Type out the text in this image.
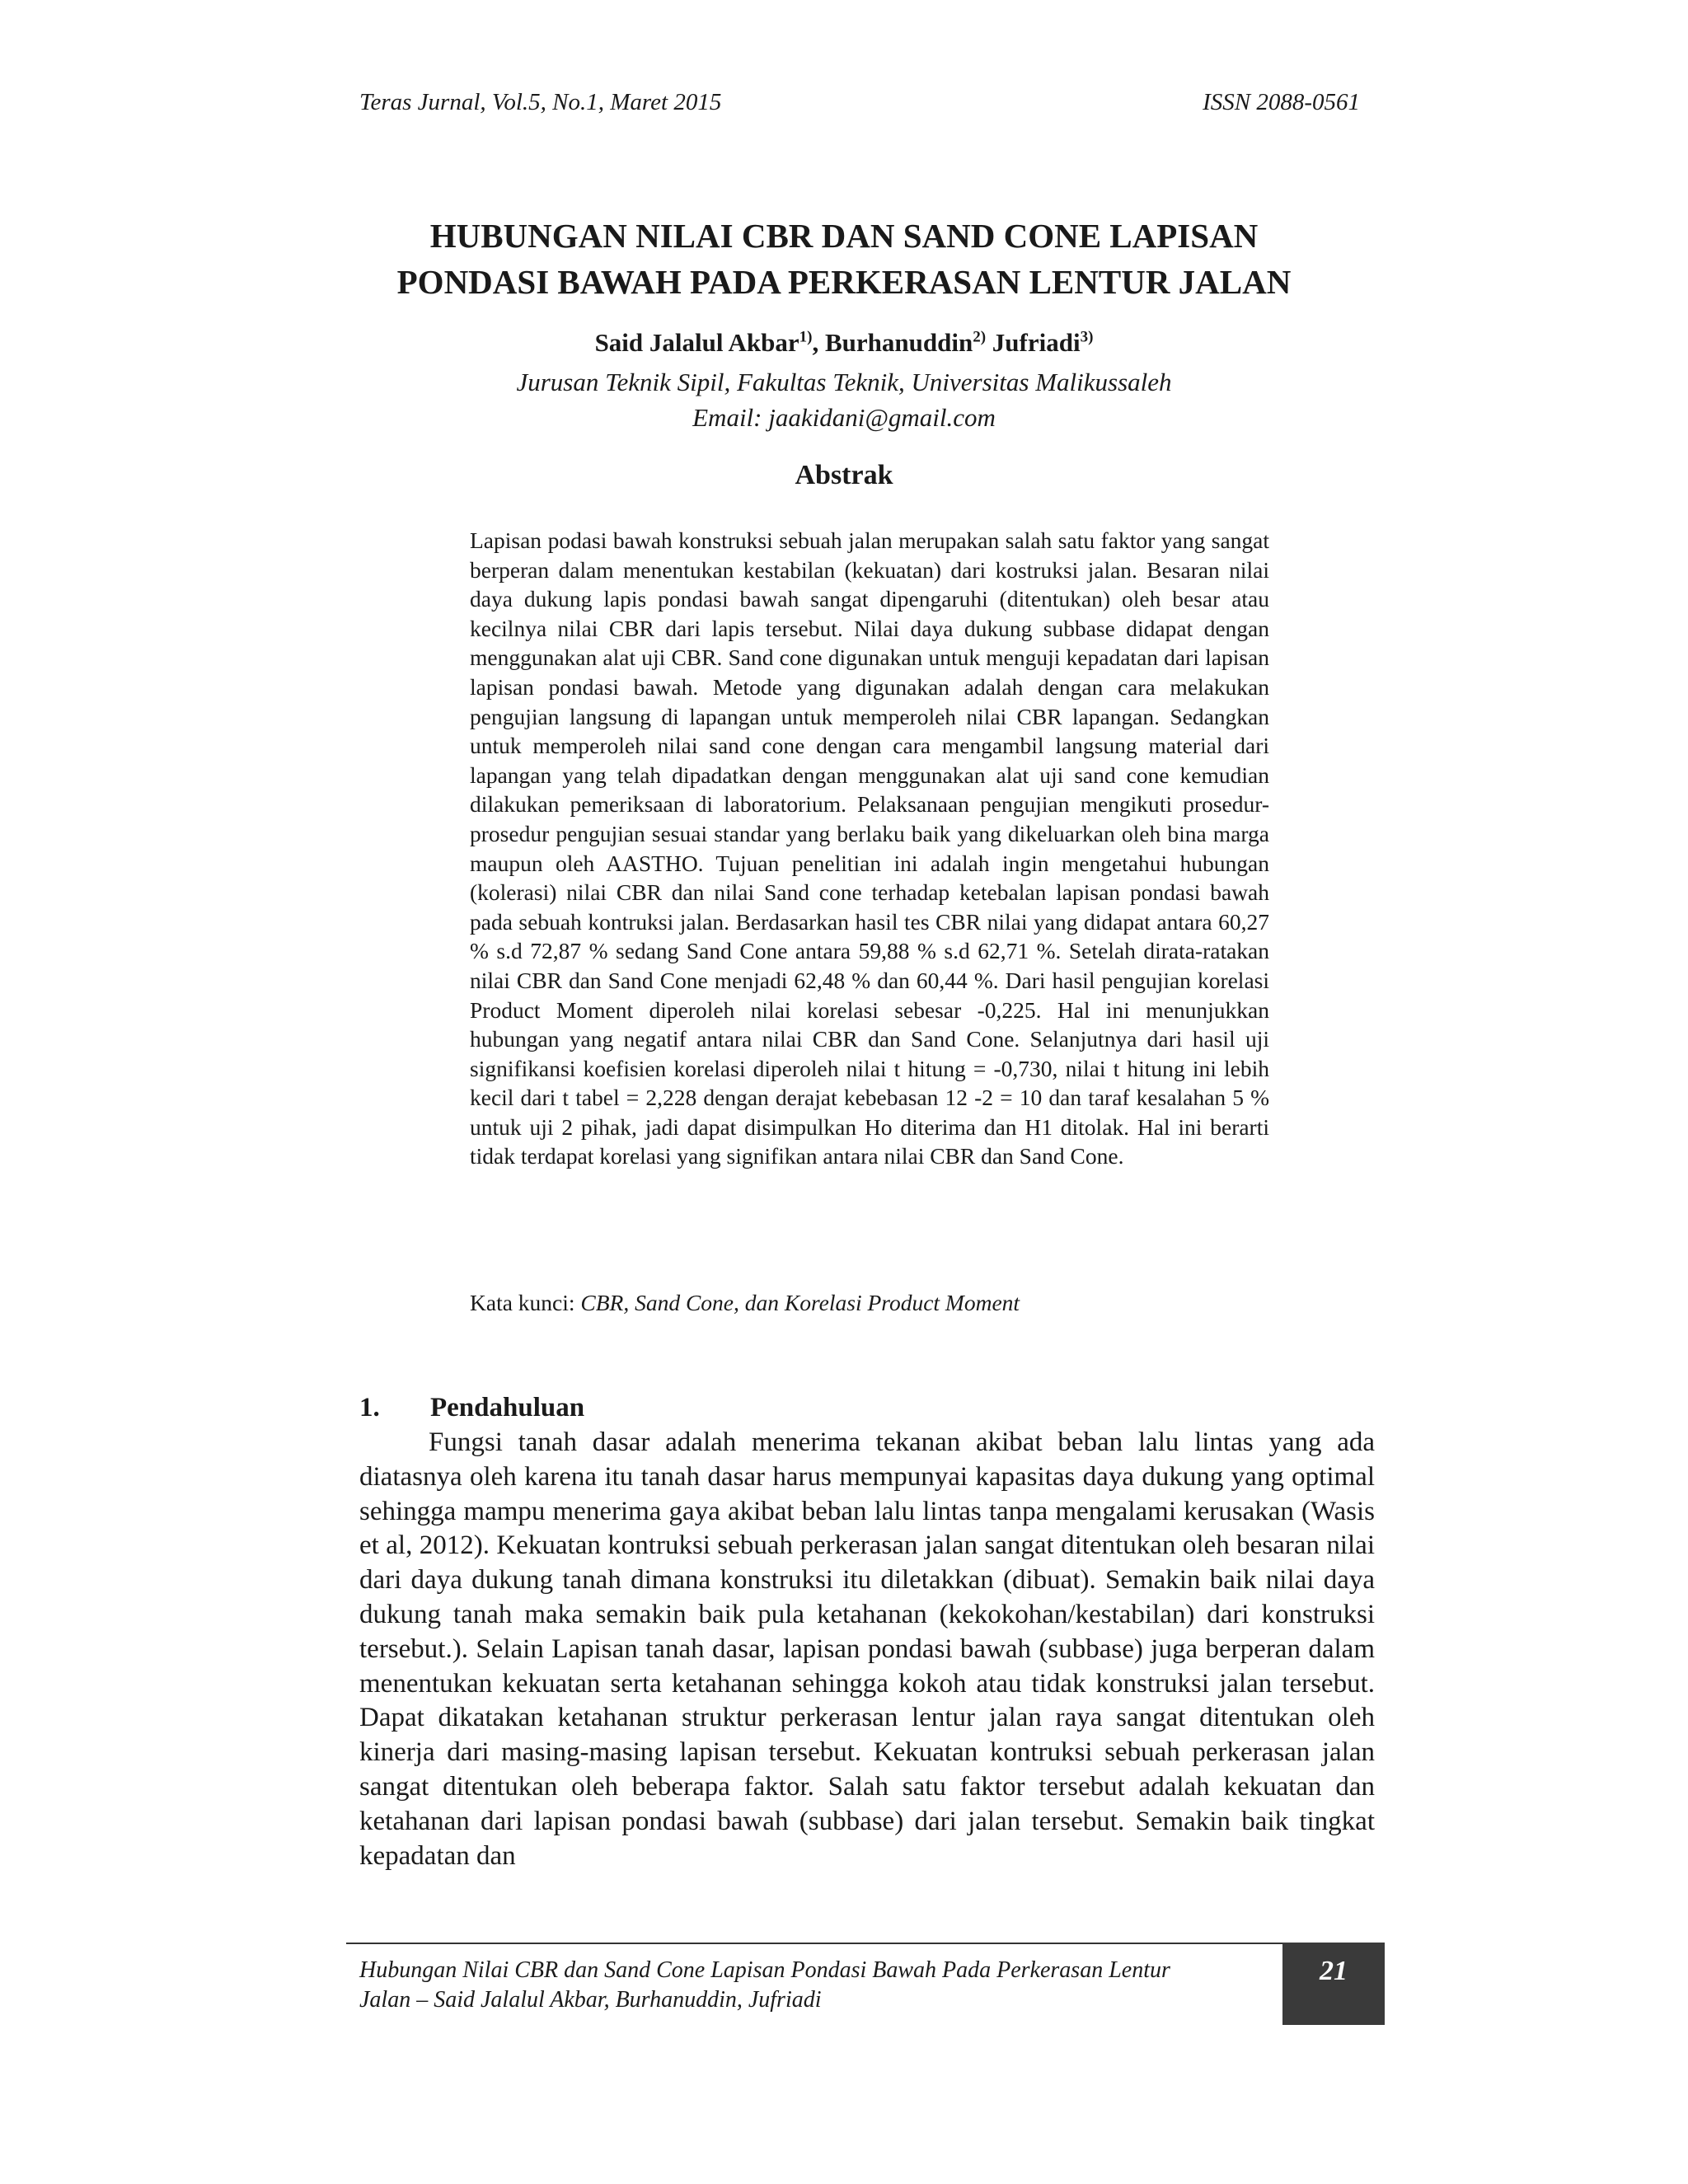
Teras Jurnal, Vol.5, No.1, Maret 2015	ISSN 2088-0561
HUBUNGAN NILAI CBR DAN SAND CONE LAPISAN
PONDASI BAWAH PADA PERKERASAN LENTUR JALAN
Said Jalalul Akbar$^{1)}$, Burhanuddin$^{2)}$ Jufriadi$^{3)}$
Jurusan Teknik Sipil, Fakultas Teknik, Universitas Malikussaleh
Email: jaakidani@gmail.com
Abstrak

Lapisan podasi bawah konstruksi sebuah jalan merupakan salah satu faktor yang sangat berperan dalam menentukan kestabilan (kekuatan) dari kostruksi jalan. Besaran nilai daya dukung lapis pondasi bawah sangat dipengaruhi (ditentukan) oleh besar atau kecilnya nilai CBR dari lapis tersebut. Nilai daya dukung subbase didapat dengan menggunakan alat uji CBR. Sand cone digunakan untuk menguji kepadatan dari lapisan lapisan pondasi bawah. Metode yang digunakan adalah dengan cara melakukan pengujian langsung di lapangan untuk memperoleh nilai CBR lapangan. Sedangkan untuk memperoleh nilai sand cone dengan cara mengambil langsung material dari lapangan yang telah dipadatkan dengan menggunakan alat uji sand cone kemudian dilakukan pemeriksaan di laboratorium. Pelaksanaan pengujian mengikuti prosedur-prosedur pengujian sesuai standar yang berlaku baik yang dikeluarkan oleh bina marga maupun oleh AASTHO. Tujuan penelitian ini adalah ingin mengetahui hubungan (kolerasi) nilai CBR dan nilai Sand cone terhadap ketebalan lapisan pondasi bawah pada sebuah kontruksi jalan. Berdasarkan hasil tes CBR nilai yang didapat antara 60,27 % s.d 72,87 % sedang Sand Cone antara 59,88 % s.d 62,71 %. Setelah dirata-ratakan nilai CBR dan Sand Cone menjadi 62,48 % dan 60,44 %. Dari hasil pengujian korelasi Product Moment diperoleh nilai korelasi sebesar -0,225. Hal ini menunjukkan hubungan yang negatif antara nilai CBR dan Sand Cone. Selanjutnya dari hasil uji signifikansi koefisien korelasi diperoleh nilai t hitung = -0,730, nilai t hitung ini lebih kecil dari t tabel = 2,228 dengan derajat kebebasan 12 -2 = 10 dan taraf kesalahan 5 % untuk uji 2 pihak, jadi dapat disimpulkan Ho diterima dan H1 ditolak. Hal ini berarti tidak terdapat korelasi yang signifikan antara nilai CBR dan Sand Cone.

Kata kunci: CBR, Sand Cone, dan Korelasi Product Moment
1. Pendahuluan

Fungsi tanah dasar adalah menerima tekanan akibat beban lalu lintas yang ada diatasnya oleh karena itu tanah dasar harus mempunyai kapasitas daya dukung yang optimal sehingga mampu menerima gaya akibat beban lalu lintas tanpa mengalami kerusakan (Wasis et al, 2012). Kekuatan kontruksi sebuah perkerasan jalan sangat ditentukan oleh besaran nilai dari daya dukung tanah dimana konstruksi itu diletakkan (dibuat). Semakin baik nilai daya dukung tanah maka semakin baik pula ketahanan (kekokohan/kestabilan) dari konstruksi tersebut.). Selain Lapisan tanah dasar, lapisan pondasi bawah (subbase) juga berperan dalam menentukan kekuatan serta ketahanan sehingga kokoh atau tidak konstruksi jalan tersebut. Dapat dikatakan ketahanan struktur perkerasan lentur jalan raya sangat ditentukan oleh kinerja dari masing-masing lapisan tersebut. Kekuatan kontruksi sebuah perkerasan jalan sangat ditentukan oleh beberapa faktor. Salah satu faktor tersebut adalah kekuatan dan ketahanan dari lapisan pondasi bawah (subbase) dari jalan tersebut. Semakin baik tingkat kepadatan dan

Hubungan Nilai CBR dan Sand Cone Lapisan Pondasi Bawah Pada Perkerasan Lentur
Jalan – Said Jalalul Akbar, Burhanuddin, Jufriadi
21
